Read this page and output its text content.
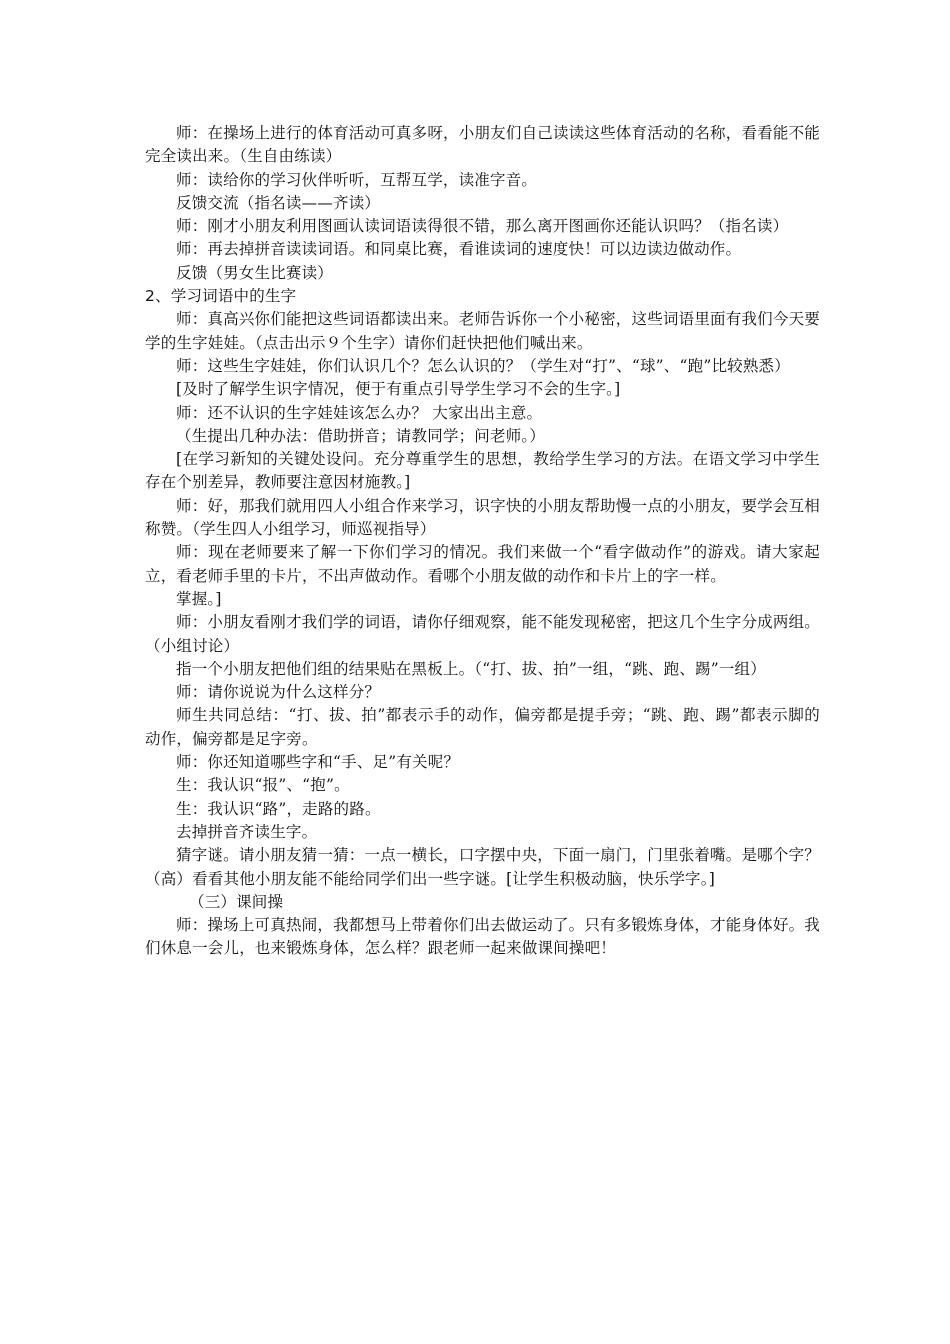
师：在操场上进行的体育活动可真多呀，小朋友们自己读读这些体育活动的名称，看看能不能完全读出来。（生自由练读）

师：读给你的学习伙伴听听，互帮互学，读准字音。

反馈交流（指名读——齐读）

师：刚才小朋友利用图画认读词语读得很不错，那么离开图画你还能认识吗？（指名读）

师：再去掉拼音读读词语。和同桌比赛，看谁读词的速度快！可以边读边做动作。

反馈（男女生比赛读）

2、学习词语中的生字

师：真高兴你们能把这些词语都读出来。老师告诉你一个小秘密，这些词语里面有我们今天要学的生字娃娃。（点击出示９个生字）请你们赶快把他们喊出来。

师：这些生字娃娃，你们认识几个？怎么认识的？（学生对“打”、“球”、“跑”比较熟悉）

[及时了解学生识字情况，便于有重点引导学生学习不会的生字。]

师：还不认识的生字娃娃该怎么办？ 大家出出主意。

（生提出几种办法：借助拼音；请教同学；问老师。）

[在学习新知的关键处设问。充分尊重学生的思想，教给学生学习的方法。在语文学习中学生存在个别差异，教师要注意因材施教。]

师：好，那我们就用四人小组合作来学习，识字快的小朋友帮助慢一点的小朋友，要学会互相称赞。（学生四人小组学习，师巡视指导）

师：现在老师要来了解一下你们学习的情况。我们来做一个“看字做动作”的游戏。请大家起立，看老师手里的卡片，不出声做动作。看哪个小朋友做的动作和卡片上的字一样。

掌握。]

师：小朋友看刚才我们学的词语，请你仔细观察，能不能发现秘密，把这几个生字分成两组。（小组讨论）

指一个小朋友把他们组的结果贴在黑板上。（“打、拔、拍”一组，“跳、跑、踢”一组）

师：请你说说为什么这样分？

师生共同总结：“打、拔、拍”都表示手的动作，偏旁都是提手旁；“跳、跑、踢”都表示脚的动作，偏旁都是足字旁。

师：你还知道哪些字和“手、足”有关呢？

生：我认识“报”、“抱”。

生：我认识“路”，走路的路。

去掉拼音齐读生字。

猜字谜。请小朋友猜一猜：一点一横长，口字摆中央，下面一扇门，门里张着嘴。是哪个字？（高）看看其他小朋友能不能给同学们出一些字谜。[让学生积极动脑，快乐学字。]

（三）课间操

师：操场上可真热闹，我都想马上带着你们出去做运动了。只有多锻炼身体，才能身体好。我们休息一会儿，也来锻炼身体，怎么样？跟老师一起来做课间操吧！
